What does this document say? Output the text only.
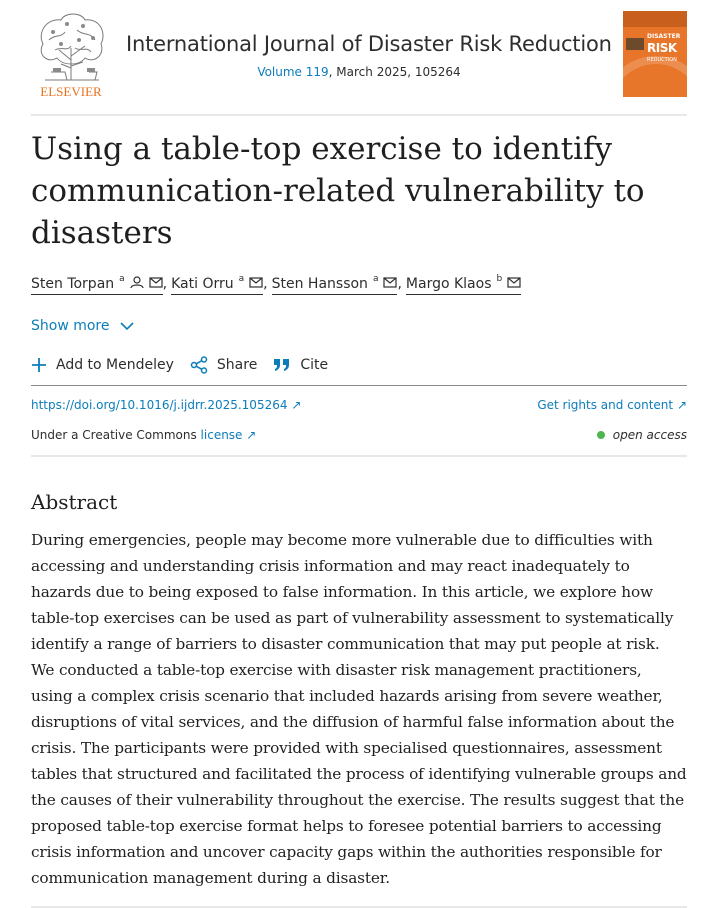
ELSEVIER
International Journal of Disaster Risk Reduction
Volume 119, March 2025, 105264
DISASTER
RISK
REDUCTION
Using a table-top exercise to identify communication-related vulnerability to disasters
Sten Torpan $^a$	, Kati Orru $^a$ , Sten Hansson $^a$ , Margo Klaos $^b$
Show more
Add to Mendeley	Share	Cite
https://doi.org/10.1016/j.ijdrr.2025.105264 ↗	Get rights and content ↗
Under a Creative Commons license ↗	open access
Abstract

During emergencies, people may become more vulnerable due to difficulties with accessing and understanding crisis information and may react inadequately to hazards due to being exposed to false information. In this article, we explore how table-top exercises can be used as part of vulnerability assessment to systematically identify a range of barriers to disaster communication that may put people at risk. We conducted a table-top exercise with disaster risk management practitioners, using a complex crisis scenario that included hazards arising from severe weather, disruptions of vital services, and the diffusion of harmful false information about the crisis. The participants were provided with specialised questionnaires, assessment tables that structured and facilitated the process of identifying vulnerable groups and the causes of their vulnerability throughout the exercise. The results suggest that the proposed table-top exercise format helps to foresee potential barriers to accessing crisis information and uncover capacity gaps within the authorities responsible for communication management during a disaster.
